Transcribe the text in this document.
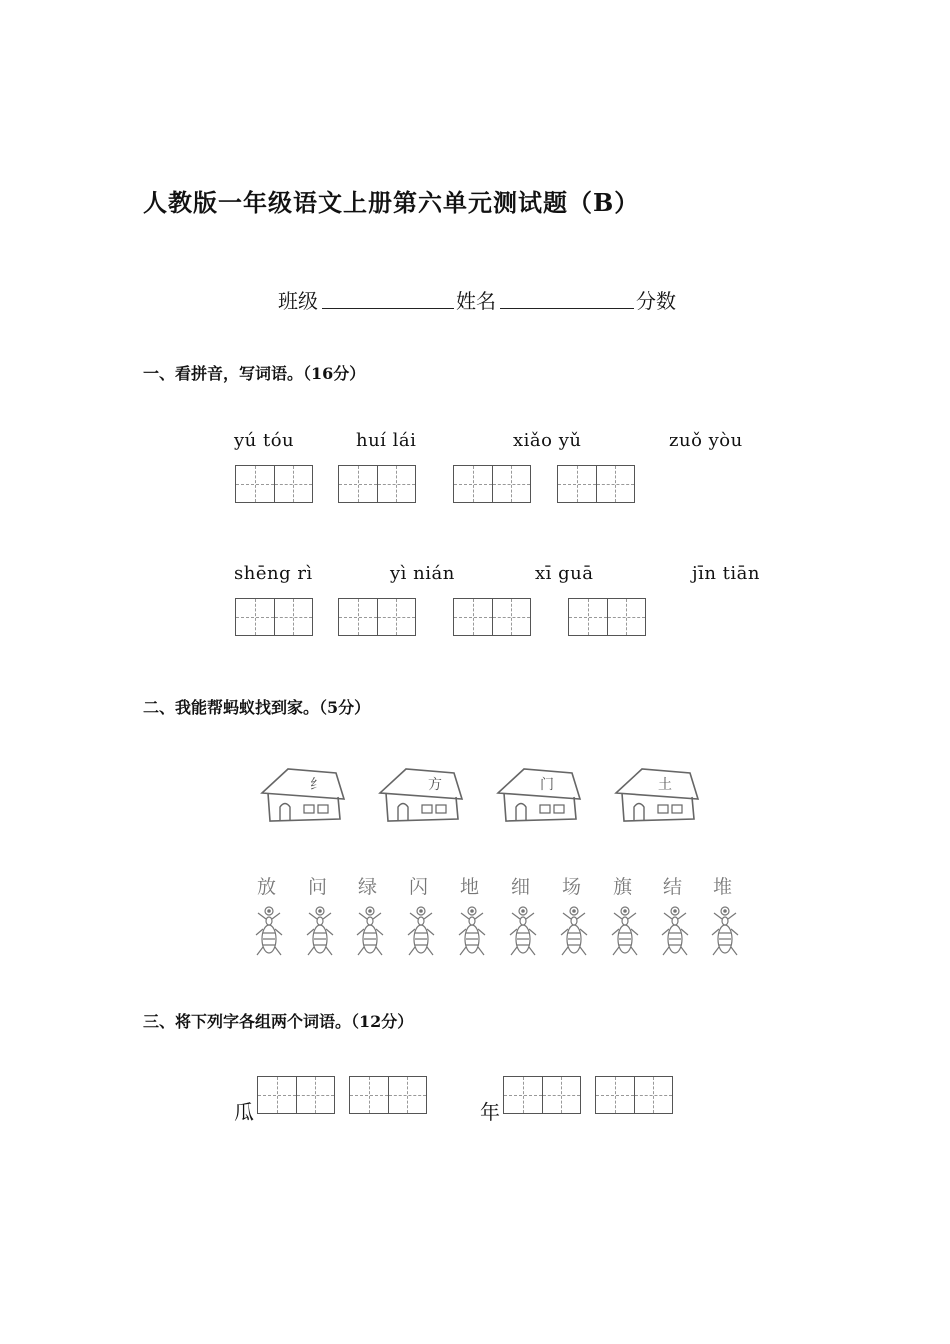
人教版一年级语文上册第六单元测试题（B）
班级	姓名	分数
一、看拼音，写词语。（16分）
yú tóu	huí lái	xiǎo yǔ	zuǒ yòu
shēng rì	yì nián	xī guā	jīn tiān
二、我能帮蚂蚁找到家。（5分）
纟	方	门	土
放 问 绿 闪 地 细 场 旗 结 堆
三、将下列字各组两个词语。（12分）
瓜	年
